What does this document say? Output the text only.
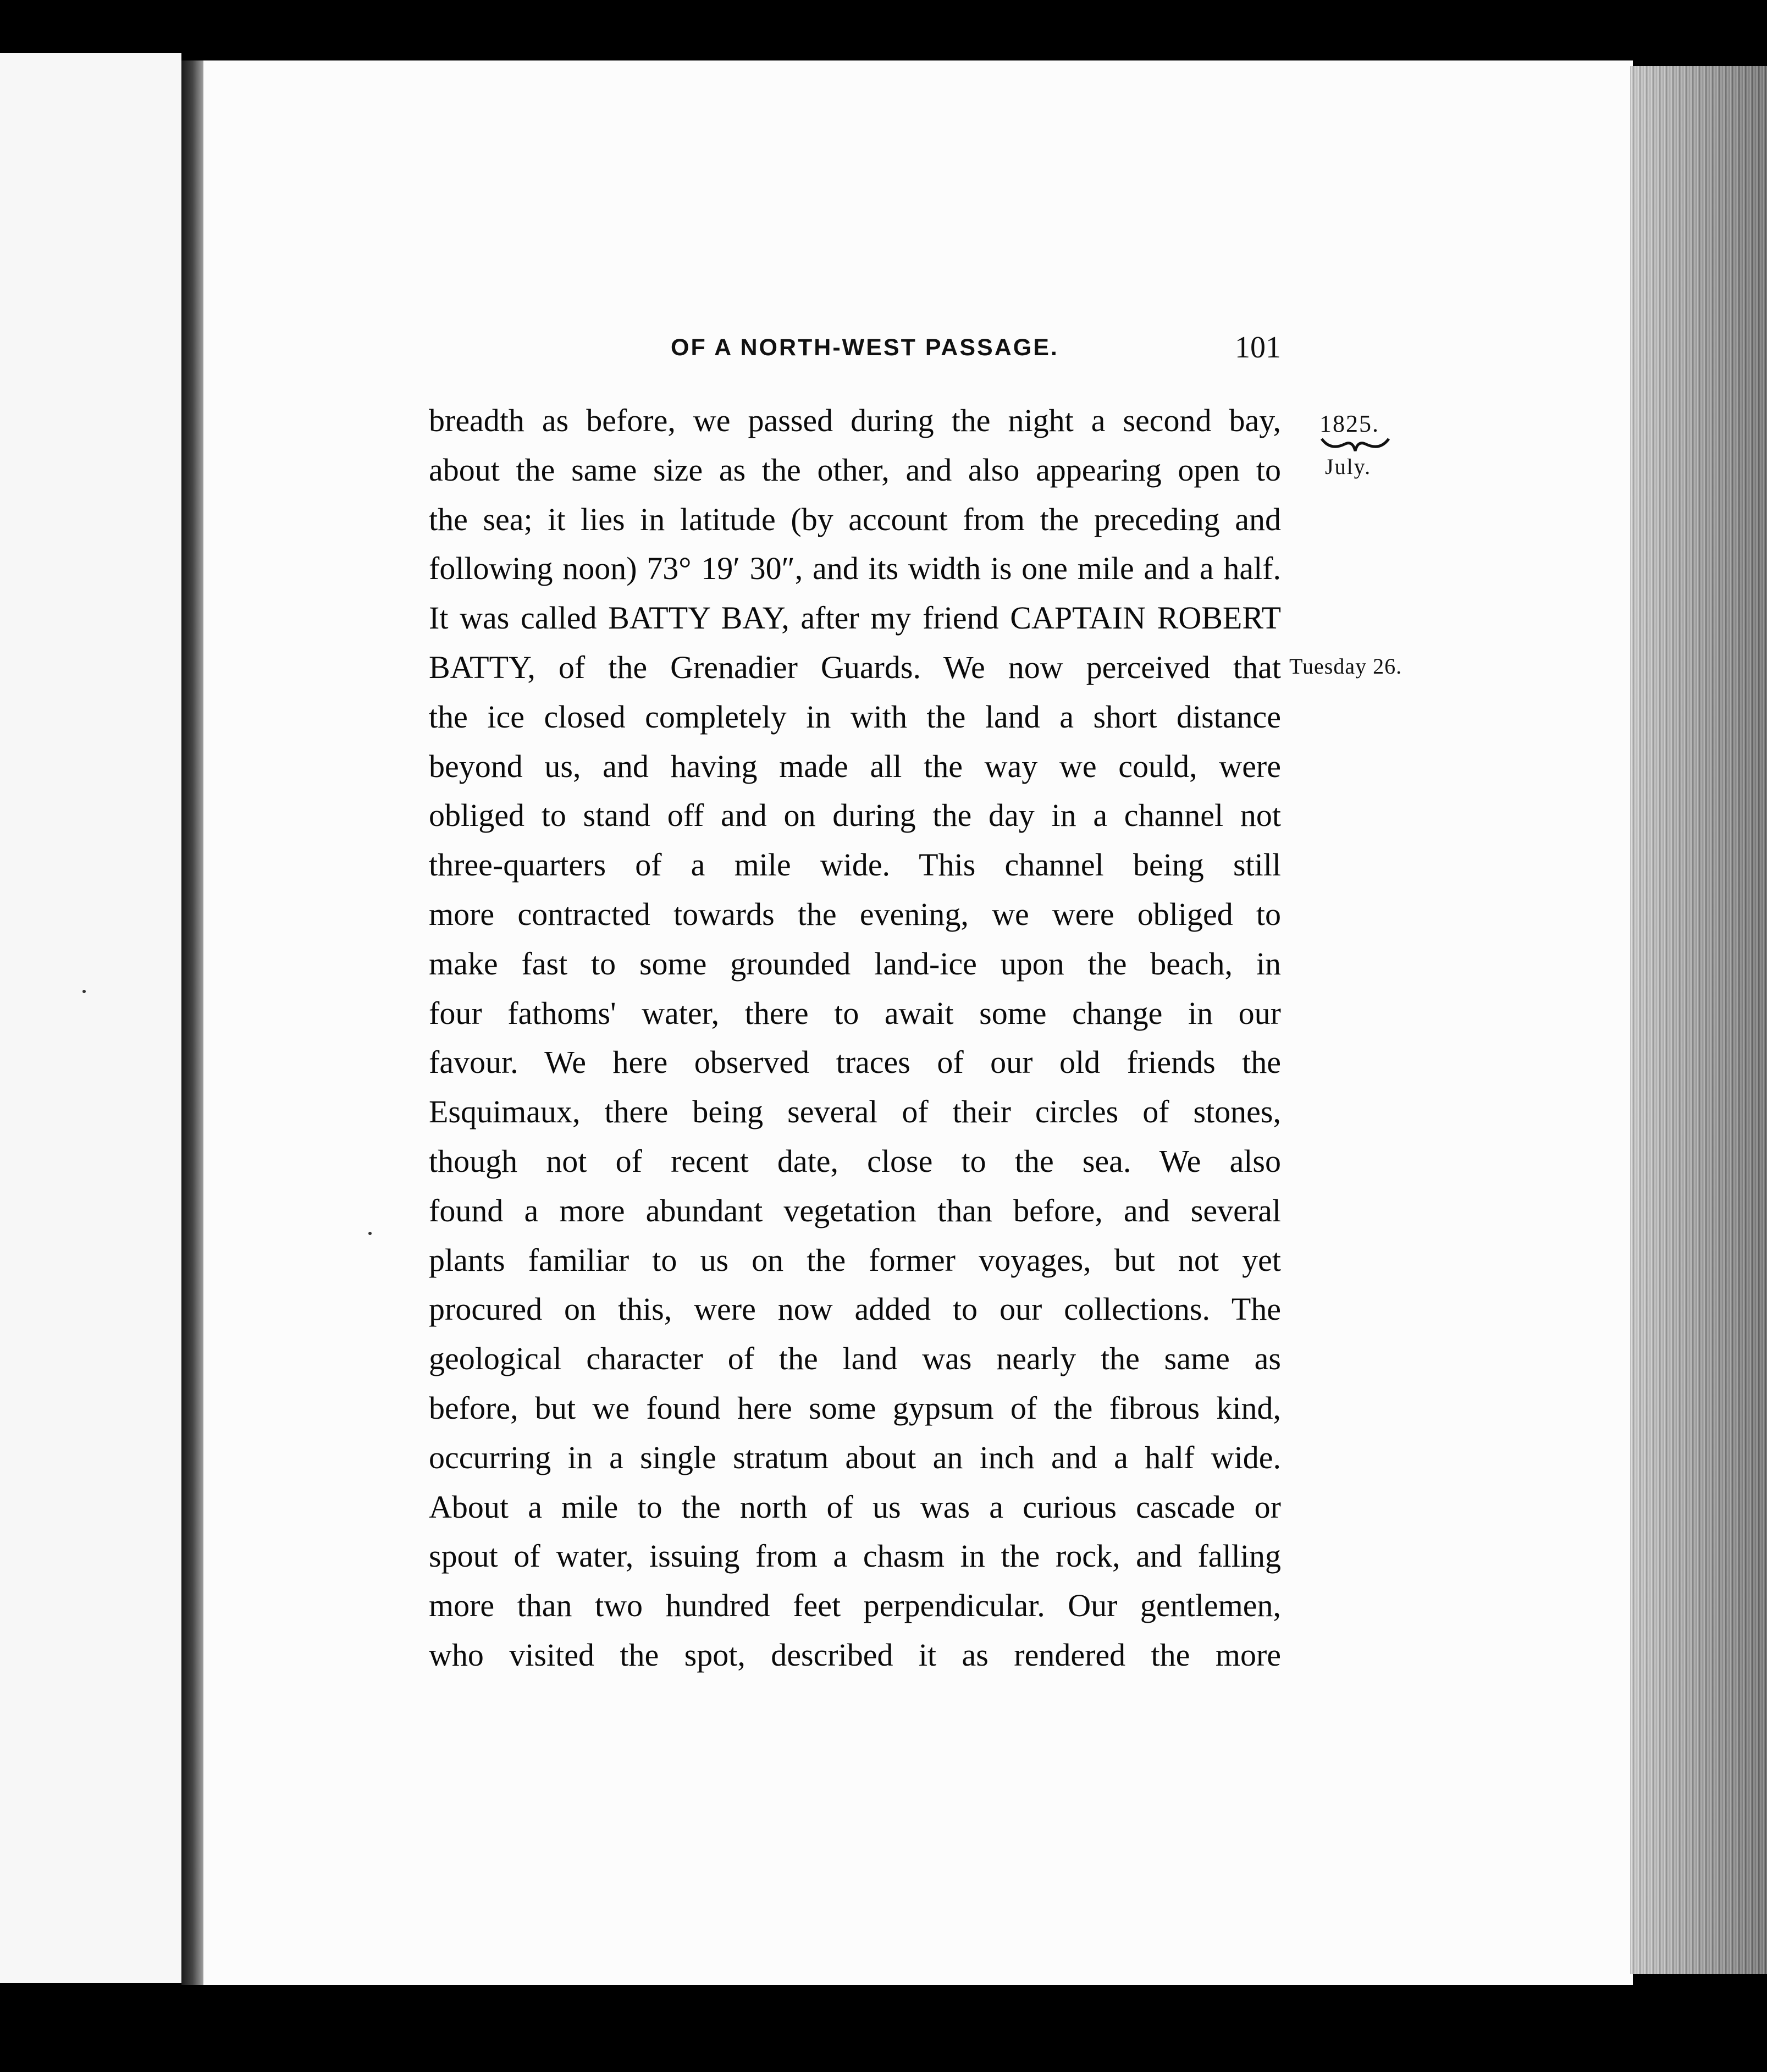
OF A NORTH-WEST PASSAGE.	101
1825.
July.
Tuesday 26.
breadth as before, we passed during the night a second bay,
about the same size as the other, and also appearing open to
the sea; it lies in latitude (by account from the preceding and
following noon) 73° 19′ 30″, and its width is one mile and a half.
It was called BATTY BAY, after my friend CAPTAIN ROBERT
BATTY, of the Grenadier Guards. We now perceived that
the ice closed completely in with the land a short distance
beyond us, and having made all the way we could, were
obliged to stand off and on during the day in a channel not
three-quarters of a mile wide. This channel being still
more contracted towards the evening, we were obliged to
make fast to some grounded land-ice upon the beach, in
four fathoms' water, there to await some change in our
favour. We here observed traces of our old friends the
Esquimaux, there being several of their circles of stones,
though not of recent date, close to the sea. We also
found a more abundant vegetation than before, and several
plants familiar to us on the former voyages, but not yet
procured on this, were now added to our collections. The
geological character of the land was nearly the same as
before, but we found here some gypsum of the fibrous kind,
occurring in a single stratum about an inch and a half wide.
About a mile to the north of us was a curious cascade or
spout of water, issuing from a chasm in the rock, and falling
more than two hundred feet perpendicular. Our gentlemen,
who visited the spot, described it as rendered the more
